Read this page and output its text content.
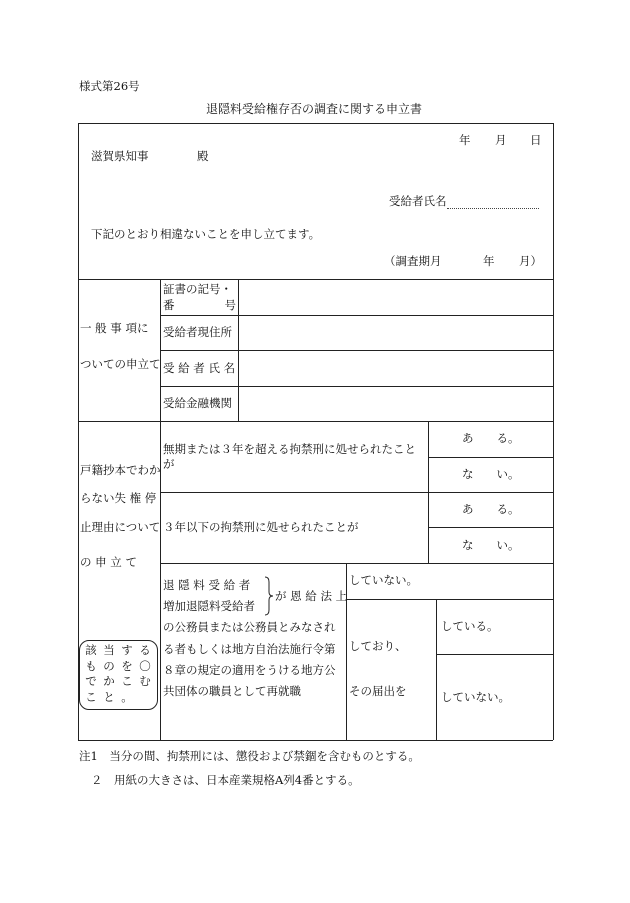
様式第26号
退隠料受給権存否の調査に関する申立書
年 月 日
滋賀県知事	殿
受給者氏名
下記のとおり相違ないことを申し立てます。
（調査期月	年 月）
一 般 事 項に
ついての申立て
証書の記号・
番	号
受給者現住所
受 給 者 氏 名
受給金融機関
戸籍抄本でわか
らない失 権 停
止理由について
の 申 立 て
該 当 す る
も の を 〇
で か こ む
こ と 。
無期または３年を超える拘禁刑に処せられたこと
が
あ　　る。
な　　い。
３年以下の拘禁刑に処せられたことが
あ　　る。
な　　い。
退 隠 料 受 給 者
増加退隠料受給者
が 恩 給 法 上
の公務員または公務員とみなされ
る者もしくは地方自治法施行令第
８章の規定の適用をうける地方公
共団体の職員として再就職
していない。
しており、
その届出を
している。
していない。
注1　当分の間、拘禁刑には、懲役および禁錮を含むものとする。
２　用紙の大きさは、日本産業規格A列4番とする。
